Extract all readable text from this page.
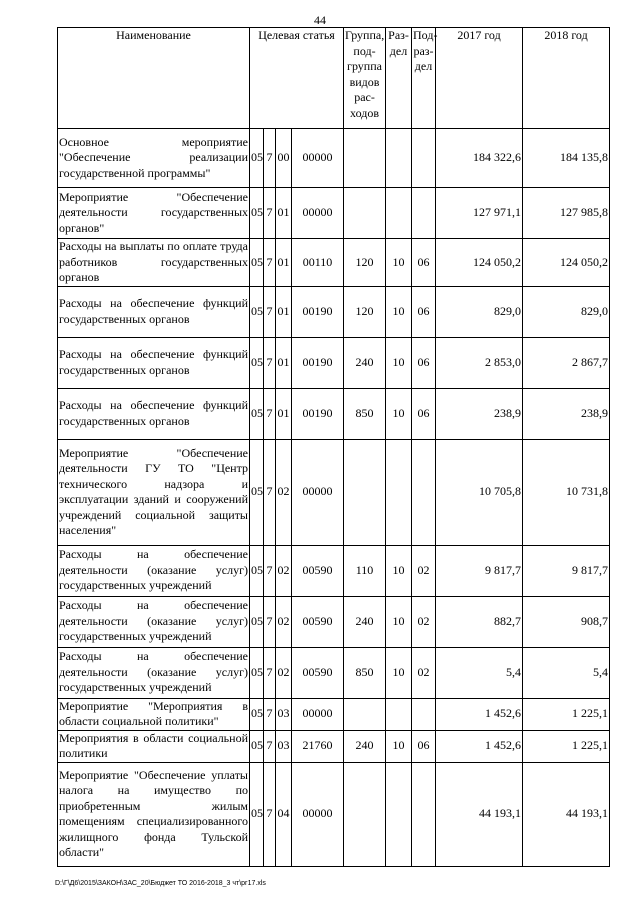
44
Наименование	Целевая статья				Группа, под-группа видов рас-ходов	Раз-дел	Под-раз-дел	2017 год	2018 год
Основное мероприятие "Обеспечение реализации государственной программы"	05	7	00	00000				184 322,6	184 135,8
Мероприятие "Обеспечение деятельности государственных органов"	05	7	01	00000				127 971,1	127 985,8
Расходы на выплаты по оплате труда работников государственных органов	05	7	01	00110	120	10	06	124 050,2	124 050,2
Расходы на обеспечение функций государственных органов	05	7	01	00190	120	10	06	829,0	829,0
Расходы на обеспечение функций государственных органов	05	7	01	00190	240	10	06	2 853,0	2 867,7
Расходы на обеспечение функций государственных органов	05	7	01	00190	850	10	06	238,9	238,9
Мероприятие "Обеспечение деятельности ГУ ТО "Центр технического надзора и эксплуатации зданий и сооружений учреждений социальной защиты населения"	05	7	02	00000				10 705,8	10 731,8
Расходы на обеспечение деятельности (оказание услуг) государственных учреждений	05	7	02	00590	110	10	02	9 817,7	9 817,7
Расходы на обеспечение деятельности (оказание услуг) государственных учреждений	05	7	02	00590	240	10	02	882,7	908,7
Расходы на обеспечение деятельности (оказание услуг) государственных учреждений	05	7	02	00590	850	10	02	5,4	5,4
Мероприятие "Мероприятия в области социальной политики"	05	7	03	00000				1 452,6	1 225,1
Мероприятия в области социальной политики	05	7	03	21760	240	10	06	1 452,6	1 225,1
Мероприятие "Обеспечение уплаты налога на имущество по приобретенным жилым помещениям специализированного жилищного фонда Тульской области"	05	7	04	00000				44 193,1	44 193,1
D:\Г\Д6\2015\ЗАКОН\ЗАС_20\Бюджет ТО 2016-2018_3 чт\рг17.xls
